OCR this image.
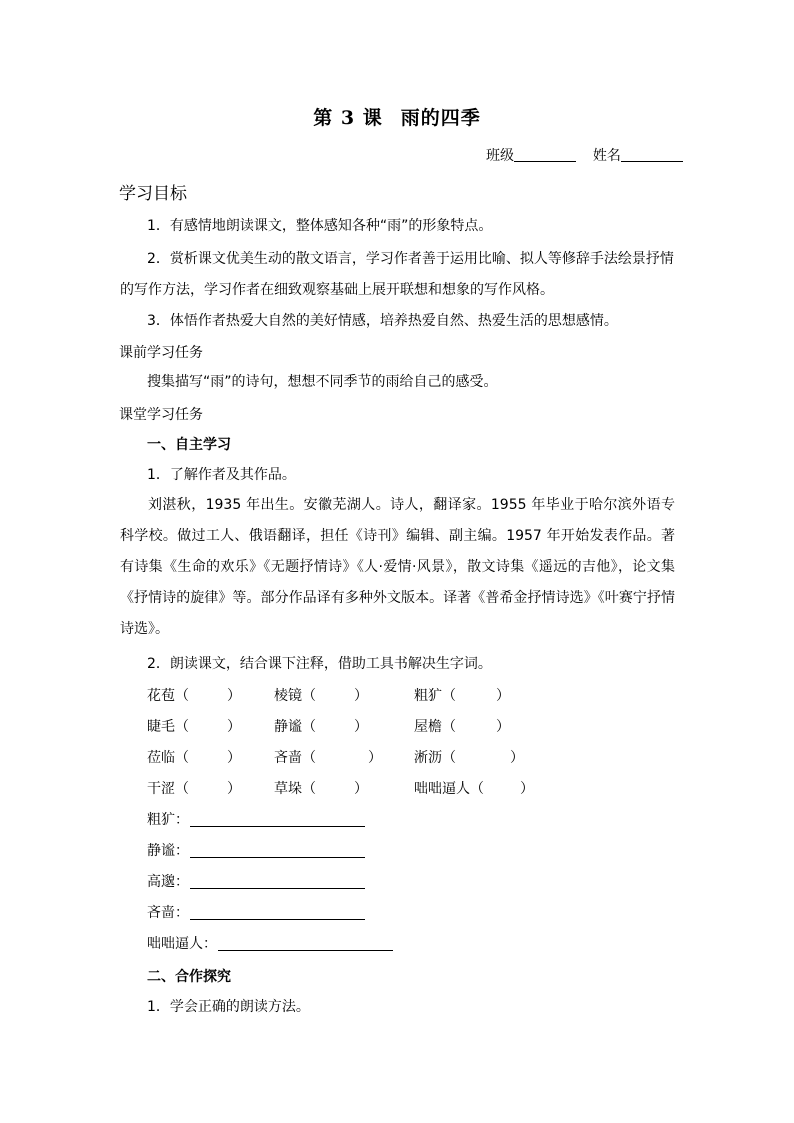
第 3 课 雨的四季
班级	姓名
学习目标
1．有感情地朗读课文，整体感知各种“雨”的形象特点。
2．赏析课文优美生动的散文语言，学习作者善于运用比喻、拟人等修辞手法绘景抒情
的写作方法，学习作者在细致观察基础上展开联想和想象的写作风格。
3．体悟作者热爱大自然的美好情感，培养热爱自然、热爱生活的思想感情。
课前学习任务
搜集描写“雨”的诗句，想想不同季节的雨给自己的感受。
课堂学习任务
一、自主学习
1．了解作者及其作品。
刘湛秋，1935 年出生。安徽芜湖人。诗人，翻译家。1955 年毕业于哈尔滨外语专科学校。做过工人、俄语翻译，担任《诗刊》编辑、副主编。1957 年开始发表作品。著有诗集《生命的欢乐》《无题抒情诗》《人·爱情·风景》，散文诗集《遥远的吉他》，论文集《抒情诗的旋律》等。部分作品译有多种外文版本。译著《普希金抒情诗选》《叶赛宁抒情诗选》。
2．朗读课文，结合课下注释，借助工具书解决生字词。
花苞（	） 棱镜（	）	粗犷（	）
睫毛（	） 静谧（	）	屋檐（	）
莅临（	） 吝啬（	） 淅沥（	）
干涩（	） 草垛（	）	咄咄逼人（	）
粗犷：
静谧：
高邈：
吝啬：
咄咄逼人：
二、合作探究
1．学会正确的朗读方法。
